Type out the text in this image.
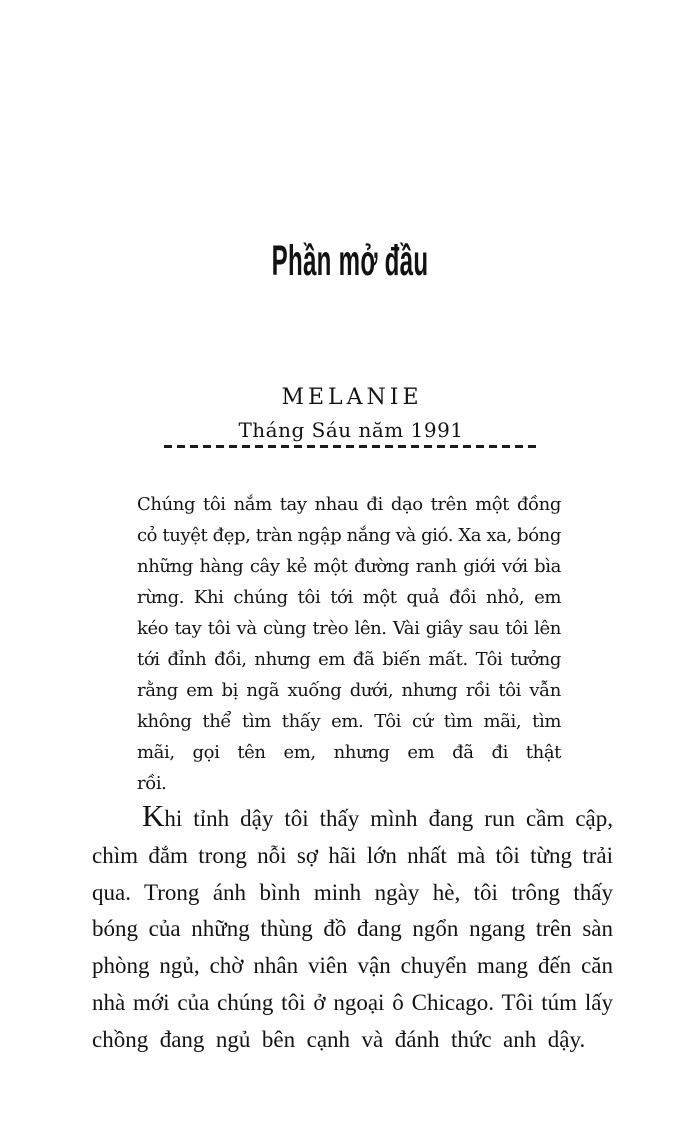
Phần mở đầu
MELANIE
Tháng Sáu năm 1991
Chúng tôi nắm tay nhau đi dạo trên một đồng
cỏ tuyệt đẹp, tràn ngập nắng và gió. Xa xa, bóng
những hàng cây kẻ một đường ranh giới với bìa
rừng. Khi chúng tôi tới một quả đồi nhỏ, em
kéo tay tôi và cùng trèo lên. Vài giây sau tôi lên
tới đỉnh đồi, nhưng em đã biến mất. Tôi tưởng
rằng em bị ngã xuống dưới, nhưng rồi tôi vẫn
không thể tìm thấy em. Tôi cứ tìm mãi, tìm
mãi, gọi tên em, nhưng em đã đi thật rồi.
Khi tỉnh dậy tôi thấy mình đang run cầm cập,
chìm đắm trong nỗi sợ hãi lớn nhất mà tôi từng trải
qua. Trong ánh bình minh ngày hè, tôi trông thấy
bóng của những thùng đồ đang ngổn ngang trên sàn
phòng ngủ, chờ nhân viên vận chuyển mang đến căn
nhà mới của chúng tôi ở ngoại ô Chicago. Tôi túm lấy
chồng đang ngủ bên cạnh và đánh thức anh dậy.
